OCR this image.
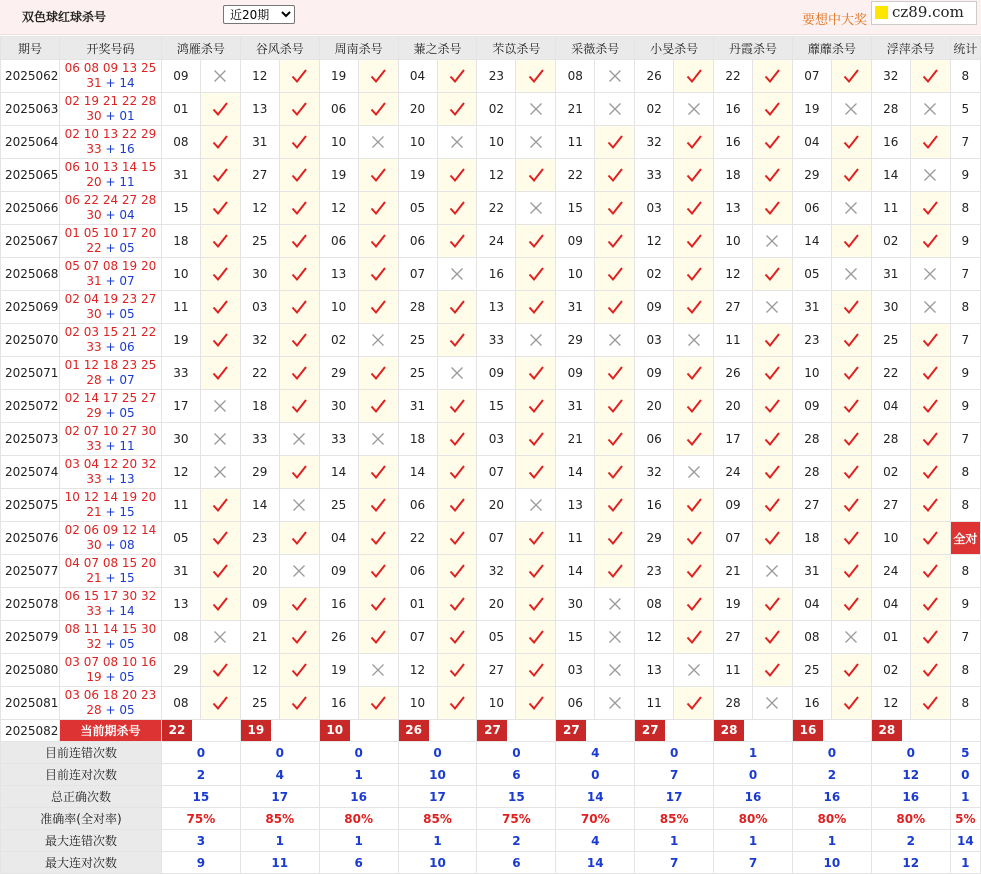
双色球红球杀号
近20期	要想中大奖 cz89.com
期号	开奖号码	鸿雁杀号		谷风杀号		周南杀号		蒹之杀号		芣苡杀号		采薇杀号		小旻杀号		丹霞杀号		蘼蘼杀号		浮萍杀号		统计
2025062	06 08 09 13 25
31 + 14	09		12		19		04		23		08		26		22		07		32		8
2025063	02 19 21 22 28
30 + 01	01		13		06		20		02		21		02		16		19		28		5
2025064	02 10 13 22 29
33 + 16	08		31		10		10		10		11		32		16		04		16		7
2025065	06 10 13 14 15
20 + 11	31		27		19		19		12		22		33		18		29		14		9
2025066	06 22 24 27 28
30 + 04	15		12		12		05		22		15		03		13		06		11		8
2025067	01 05 10 17 20
22 + 05	18		25		06		06		24		09		12		10		14		02		9
2025068	05 07 08 19 20
31 + 07	10		30		13		07		16		10		02		12		05		31		7
2025069	02 04 19 23 27
30 + 05	11		03		10		28		13		31		09		27		31		30		8
2025070	02 03 15 21 22
33 + 06	19		32		02		25		33		29		03		11		23		25		7
2025071	01 12 18 23 25
28 + 07	33		22		29		25		09		09		09		26		10		22		9
2025072	02 14 17 25 27
29 + 05	17		18		30		31		15		31		20		20		09		04		9
2025073	02 07 10 27 30
33 + 11	30		33		33		18		03		21		06		17		28		28		7
2025074	03 04 12 20 32
33 + 13	12		29		14		14		07		14		32		24		28		02		8
2025075	10 12 14 19 20
21 + 15	11		14		25		06		20		13		16		09		27		27		8
2025076	02 06 09 12 14
30 + 08	05		23		04		22		07		11		29		07		18		10		全对
2025077	04 07 08 15 20
21 + 15	31		20		09		06		32		14		23		21		31		24		8
2025078	06 15 17 30 32
33 + 14	13		09		16		01		20		30		08		19		04		04		9
2025079	08 11 14 15 30
32 + 05	08		21		26		07		05		15		12		27		08		01		7
2025080	03 07 08 10 16
19 + 05	29		12		19		12		27		03		13		11		25		02		8
2025081	03 06 18 20 23
28 + 05	08		25		16		10		10		06		11		28		16		12		8
2025082	当前期杀号	22		19		10		26		27		27		27		28		16		28		
目前连错次数		0		0		0		0		0		4		0		1		0		0		5
目前连对次数		2		4		1		10		6		0		7		0		2		12		0
总正确次数		15		17		16		17		15		14		17		16		16		16		1
准确率(全对率)		75%		85%		80%		85%		75%		70%		85%		80%		80%		80%		5%
最大连错次数		3		1		1		1		2		4		1		1		1		2		14
最大连对次数		9		11		6		10		6		14		7		7		10		12		1
